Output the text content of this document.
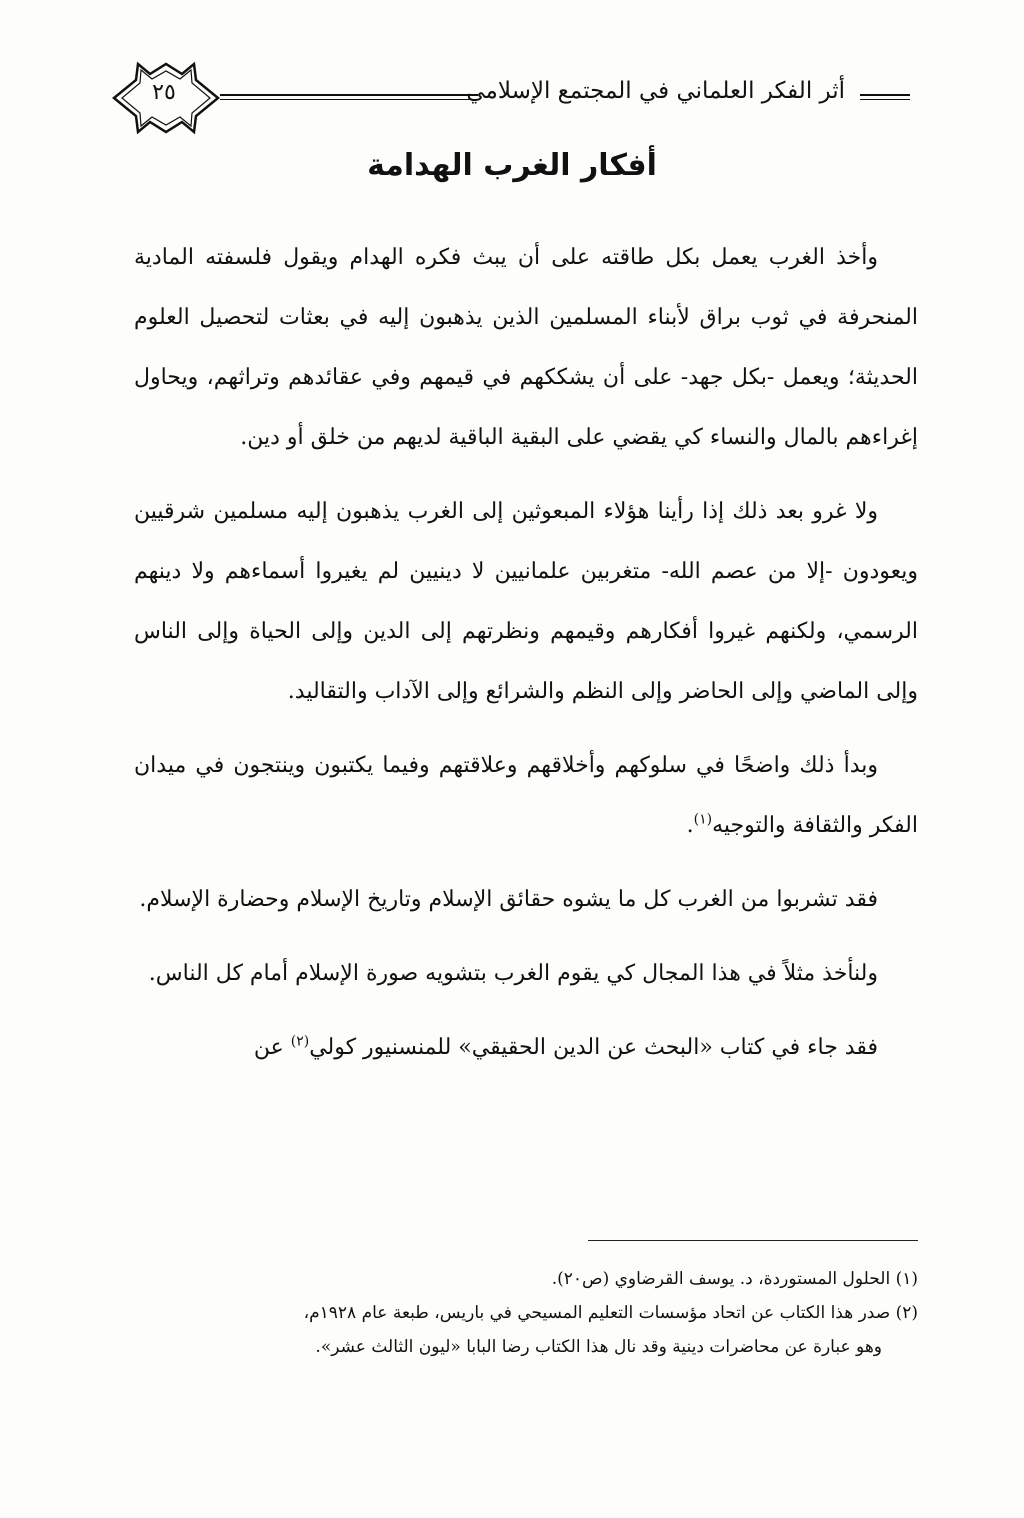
أثر الفكر العلماني في المجتمع الإسلامي
٢٥
أفكار الغرب الهدامة

وأخذ الغرب يعمل بكل طاقته على أن يبث فكره الهدام ويقول فلسفته المادية المنحرفة في ثوب براق لأبناء المسلمين الذين يذهبون إليه في بعثات لتحصيل العلوم الحديثة؛ ويعمل -بكل جهد- على أن يشككهم في قيمهم وفي عقائدهم وتراثهم، ويحاول إغراءهم بالمال والنساء كي يقضي على البقية الباقية لديهم من خلق أو دين.

ولا غرو بعد ذلك إذا رأينا هؤلاء المبعوثين إلى الغرب يذهبون إليه مسلمين شرقيين ويعودون -إلا من عصم الله- متغربين علمانيين لا دينيين لم يغيروا أسماءهم ولا دينهم الرسمي، ولكنهم غيروا أفكارهم وقيمهم ونظرتهم إلى الدين وإلى الحياة وإلى الناس وإلى الماضي وإلى الحاضر وإلى النظم والشرائع وإلى الآداب والتقاليد.

وبدأ ذلك واضحًا في سلوكهم وأخلاقهم وعلاقتهم وفيما يكتبون وينتجون في ميدان الفكر والثقافة والتوجيه$^{(١)}$.

فقد تشربوا من الغرب كل ما يشوه حقائق الإسلام وتاريخ الإسلام وحضارة الإسلام.

ولنأخذ مثلاً في هذا المجال كي يقوم الغرب بتشويه صورة الإسلام أمام كل الناس.

فقد جاء في كتاب «البحث عن الدين الحقيقي» للمنسنيور كولي$^{(٢)}$ عن

(١) الحلول المستوردة، د. يوسف القرضاوي (ص٢٠).

(٢) صدر هذا الكتاب عن اتحاد مؤسسات التعليم المسيحي في باريس، طبعة عام ١٩٢٨م،

وهو عبارة عن محاضرات دينية وقد نال هذا الكتاب رضا البابا «ليون الثالث عشر».
